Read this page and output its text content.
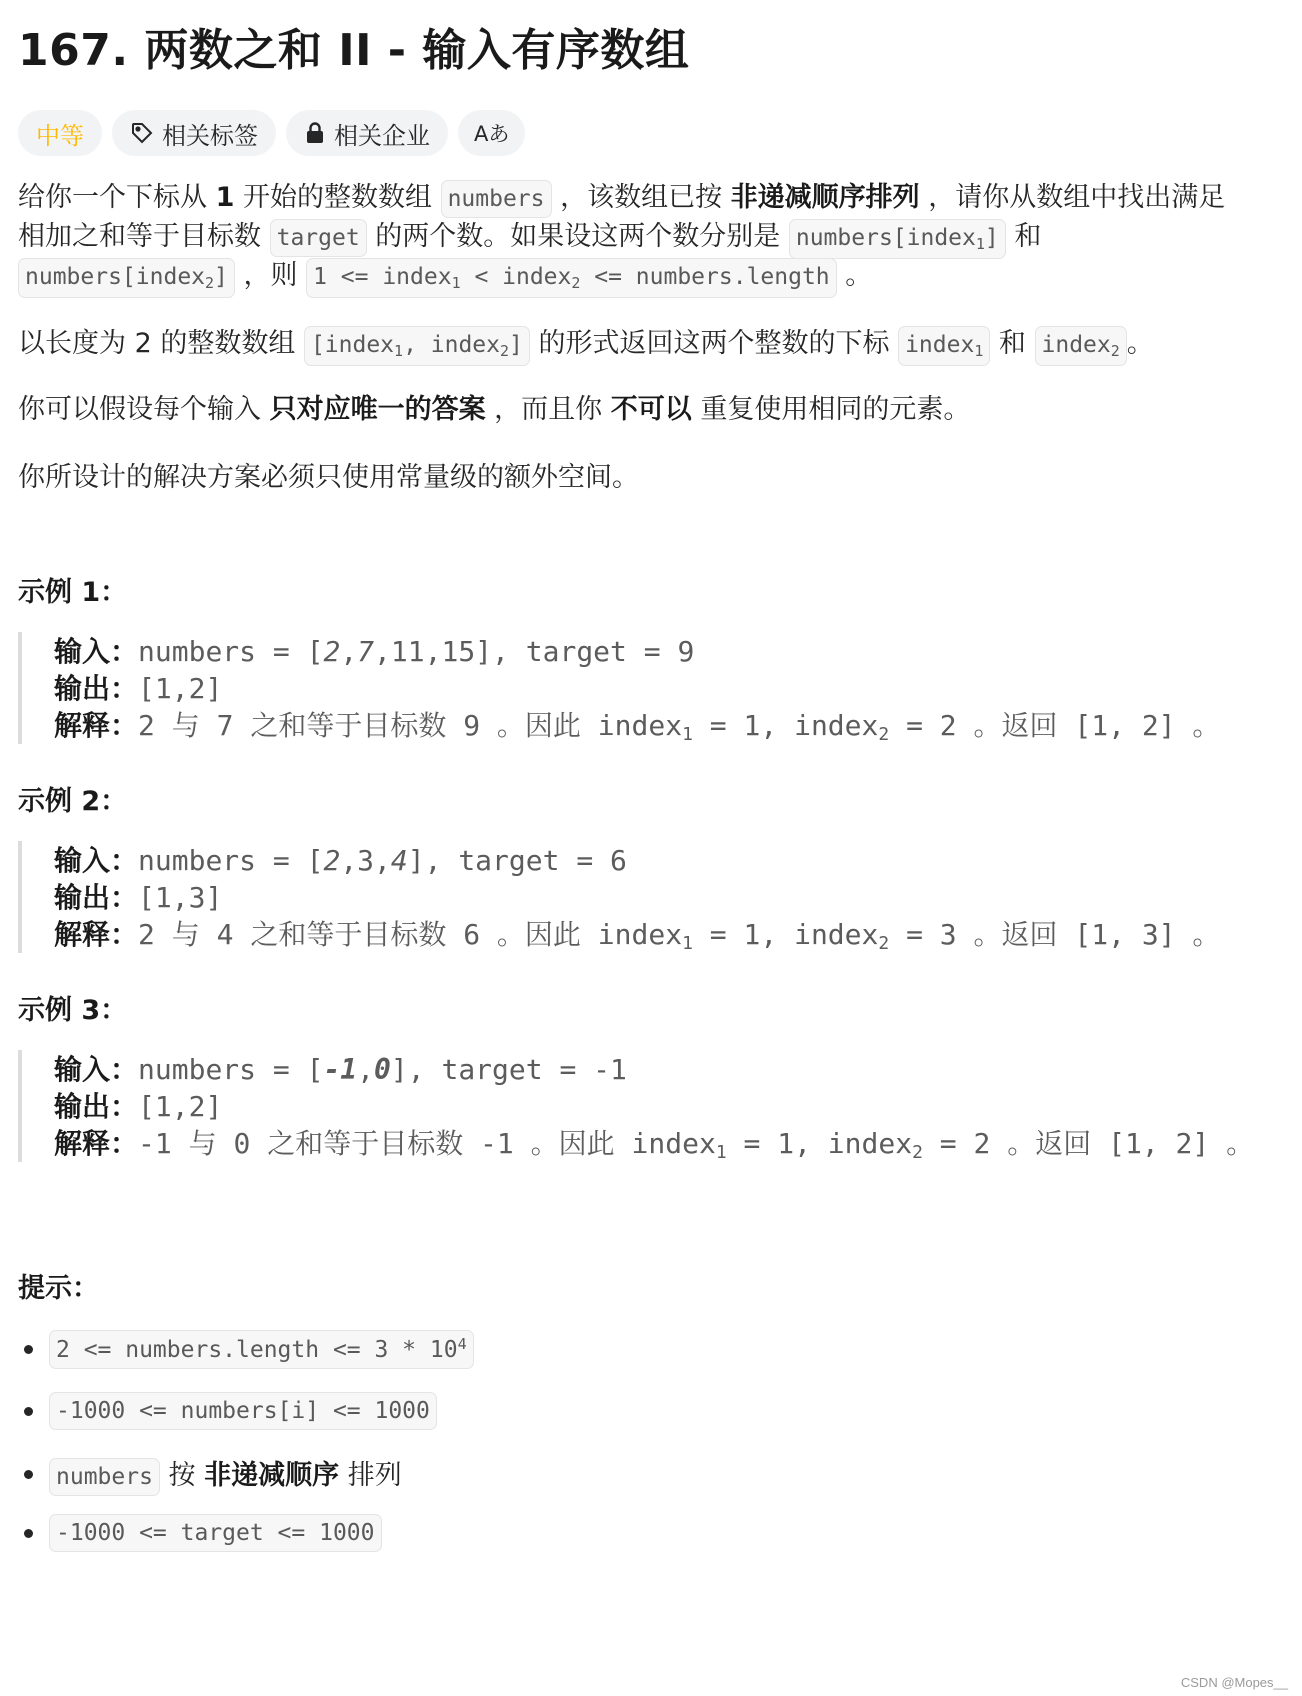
167. 两数之和 II - 输入有序数组
中等	相关标签	相关企业 Aあ
给你一个下标从 1 开始的整数数组 numbers ，该数组已按 非递减顺序排列 ，请你从数组中找出满足
相加之和等于目标数 target 的两个数。如果设这两个数分别是 numbers[index$_1$] 和
numbers[index$_2$] ，则 1 <= index$_1$ < index$_2$ <= numbers.length 。
以长度为 2 的整数数组 [index$_1$, index$_2$] 的形式返回这两个整数的下标 index$_1$ 和 index$_2$ 。
你可以假设每个输入 只对应唯一的答案 ，而且你 不可以 重复使用相同的元素。
你所设计的解决方案必须只使用常量级的额外空间。
示例 1：
输入：numbers = [2,7,11,15], target = 9
输出：[1,2]
解释：2 与 7 之和等于目标数 9 。因此 index$_1$ = 1, index$_2$ = 2 。返回 [1, 2] 。
示例 2：
输入：numbers = [2,3,4], target = 6
输出：[1,3]
解释：2 与 4 之和等于目标数 6 。因此 index$_1$ = 1, index$_2$ = 3 。返回 [1, 3] 。
示例 3：
输入：numbers = [-1,0], target = -1
输出：[1,2]
解释：-1 与 0 之和等于目标数 -1 。因此 index$_1$ = 1, index$_2$ = 2 。返回 [1, 2] 。
提示：
2 <= numbers.length <= $3 * 10^4$
-1000 <= numbers[i] <= 1000
numbers 按 非递减顺序 排列
-1000 <= target <= 1000
CSDN @Mopes__
